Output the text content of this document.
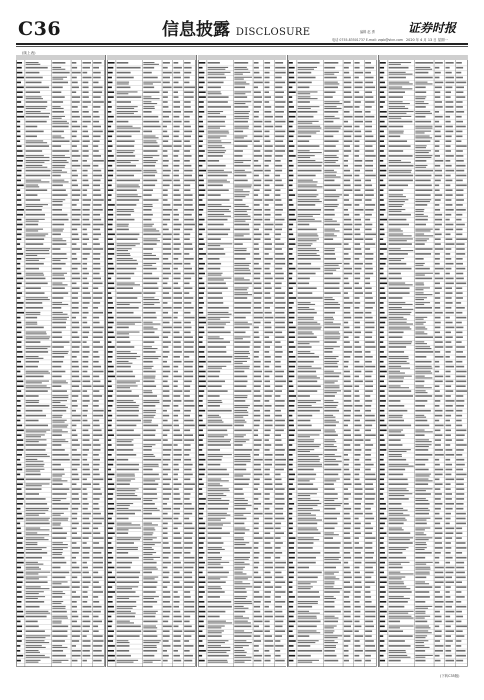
C36	信息披露 DISCLOSURE	编辑 赵 勇
电话 0755-83501737 E-mail: zqsb@stcn.com
证券时报
2020 年 4 月 13 日 星期一
(续上表)
(下转C35版)
